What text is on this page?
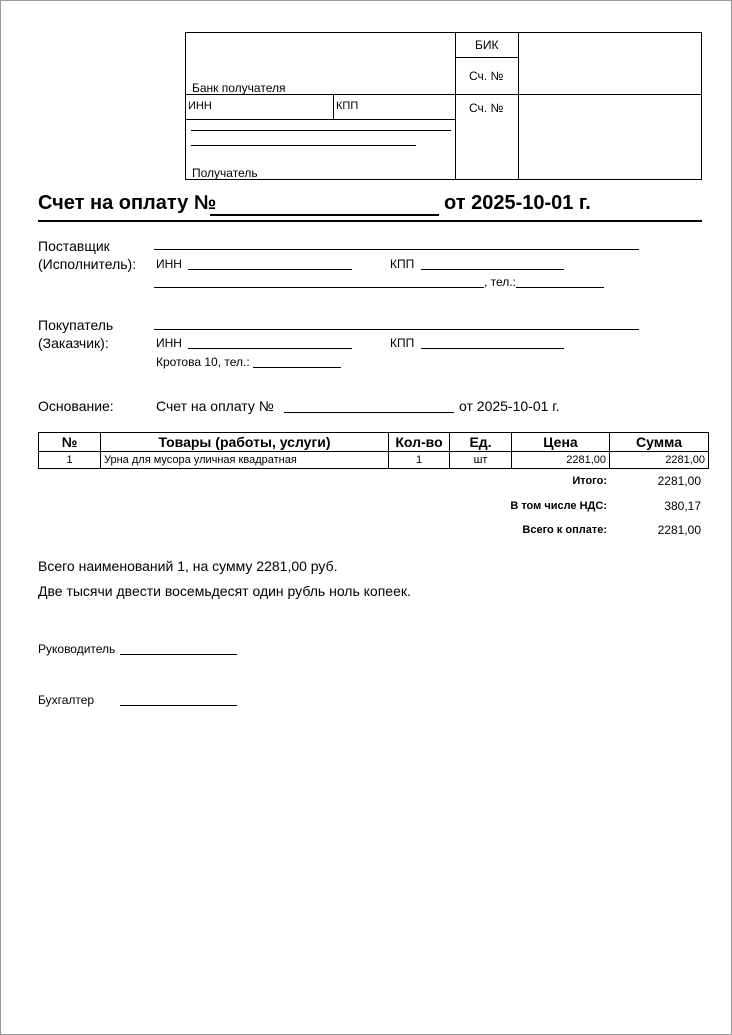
БИК
Сч. №
Сч. №
Банк получателя
ИНН	КПП
Получатель
Счет на оплату №	от 2025-10-01 г.
Поставщик
(Исполнитель): ИНН	КПП
, тел.:
Покупатель
(Заказчик):	ИНН	КПП
Кротова 10, тел.:
Основание:	Счет на оплату №	от 2025-10-01 г.
№	Товары (работы, услуги)	Кол-во	Ед.	Цена	Сумма
1	Урна для мусора уличная квадратная	1	шт	2281,00	2281,00
Итого:	2281,00
В том числе НДС:	380,17
Всего к оплате:	2281,00
Всего наименований 1, на сумму 2281,00 руб.
Две тысячи двести восемьдесят один рубль ноль копеек.
Руководитель
Бухгалтер
